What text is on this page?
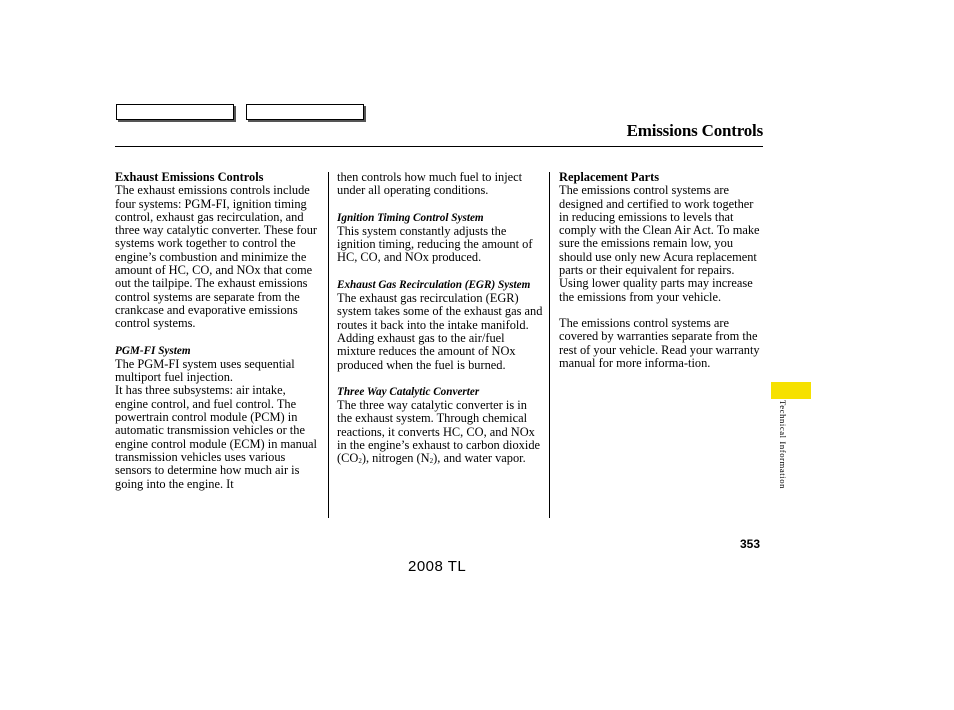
Emissions Controls

Exhaust Emissions Controls

The exhaust emissions controls include four systems: PGM-FI, ignition timing control, exhaust gas recirculation, and three way catalytic converter. These four systems work together to control the engine’s combustion and minimize the amount of HC, CO, and NOx that come out the tailpipe. The exhaust emissions control systems are separate from the crankcase and evaporative emissions control systems.

PGM-FI System

The PGM-FI system uses sequential multiport fuel injection.

It has three subsystems: air intake, engine control, and fuel control. The powertrain control module (PCM) in automatic transmission vehicles or the engine control module (ECM) in manual transmission vehicles uses various sensors to determine how much air is going into the engine. It

then controls how much fuel to inject under all operating conditions.

Ignition Timing Control System

This system constantly adjusts the ignition timing, reducing the amount of HC, CO, and NOx produced.

Exhaust Gas Recirculation (EGR) System

The exhaust gas recirculation (EGR) system takes some of the exhaust gas and routes it back into the intake manifold. Adding exhaust gas to the air/fuel mixture reduces the amount of NOx produced when the fuel is burned.

Three Way Catalytic Converter

The three way catalytic converter is in the exhaust system. Through chemical reactions, it converts HC, CO, and NOx in the engine’s exhaust to carbon dioxide $(CO_2)$, nitrogen $(N_2)$, and water vapor.

Replacement Parts

The emissions control systems are designed and certified to work together in reducing emissions to levels that comply with the Clean Air Act. To make sure the emissions remain low, you should use only new Acura replacement parts or their equivalent for repairs. Using lower quality parts may increase the emissions from your vehicle.

The emissions control systems are covered by warranties separate from the rest of your vehicle. Read your warranty manual for more informa-tion.

Technical Information
353
2008 TL
